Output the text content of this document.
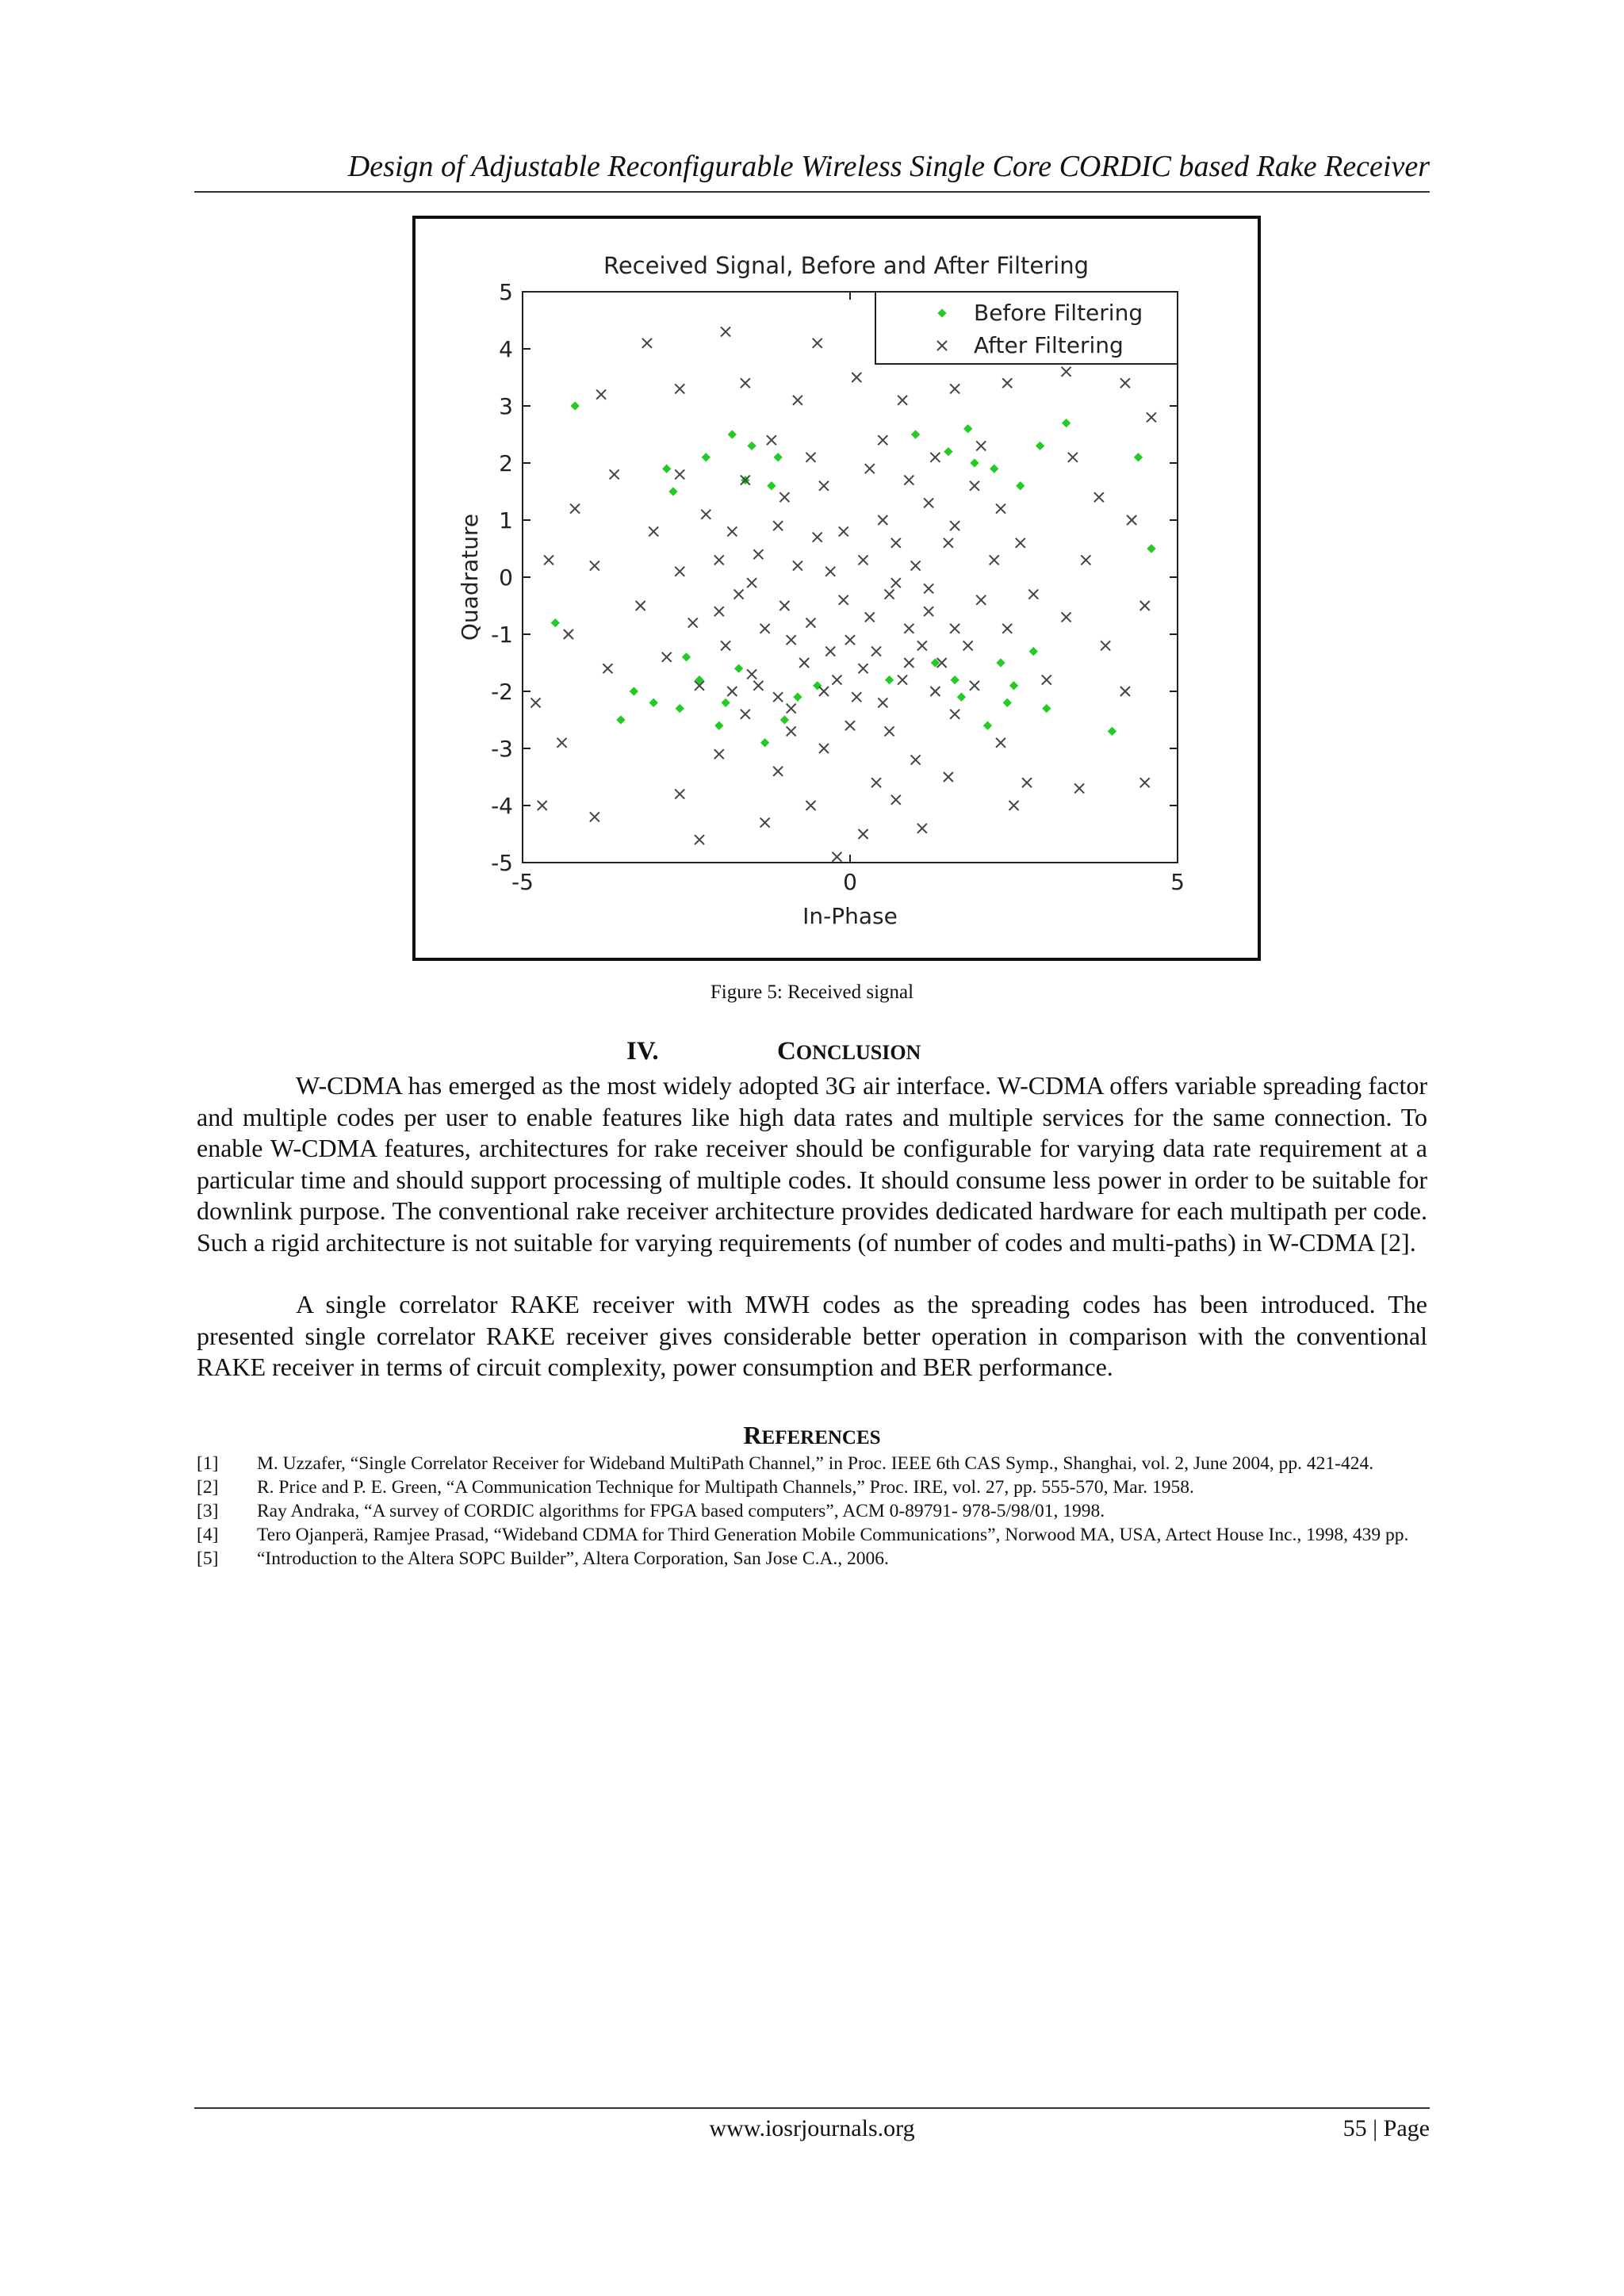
Design of Adjustable Reconfigurable Wireless Single Core CORDIC based Rake Receiver
Received Signal, Before and After Filtering
-5	0	5
5
4
3
2
1
0
-1
-2
-3
-4
-5
In-Phase
Quadrature
Before Filtering
After Filtering
Figure 5: Received signal
IV.	CONCLUSION

W-CDMA has emerged as the most widely adopted 3G air interface. W-CDMA offers variable spreading factor and multiple codes per user to enable features like high data rates and multiple services for the same connection. To enable W-CDMA features, architectures for rake receiver should be configurable for varying data rate requirement at a particular time and should support processing of multiple codes. It should consume less power in order to be suitable for downlink purpose. The conventional rake receiver architecture provides dedicated hardware for each multipath per code. Such a rigid architecture is not suitable for varying requirements (of number of codes and multi-paths) in W-CDMA [2].

A single correlator RAKE receiver with MWH codes as the spreading codes has been introduced. The presented single correlator RAKE receiver gives considerable better operation in comparison with the conventional RAKE receiver in terms of circuit complexity, power consumption and BER performance.

REFERENCES
[1]	M. Uzzafer, “Single Correlator Receiver for Wideband MultiPath Channel,” in Proc. IEEE 6th CAS Symp., Shanghai, vol. 2, June 2004, pp. 421-424.
[2]	R. Price and P. E. Green, “A Communication Technique for Multipath Channels,” Proc. IRE, vol. 27, pp. 555-570, Mar. 1958.
[3]	Ray Andraka, “A survey of CORDIC algorithms for FPGA based computers”, ACM 0-89791- 978-5/98/01, 1998.
[4]	Tero Ojanperä, Ramjee Prasad, “Wideband CDMA for Third Generation Mobile Communications”, Norwood MA, USA, Artect House Inc., 1998, 439 pp.
[5]	“Introduction to the Altera SOPC Builder”, Altera Corporation, San Jose C.A., 2006.
www.iosrjournals.org	55 | Page
